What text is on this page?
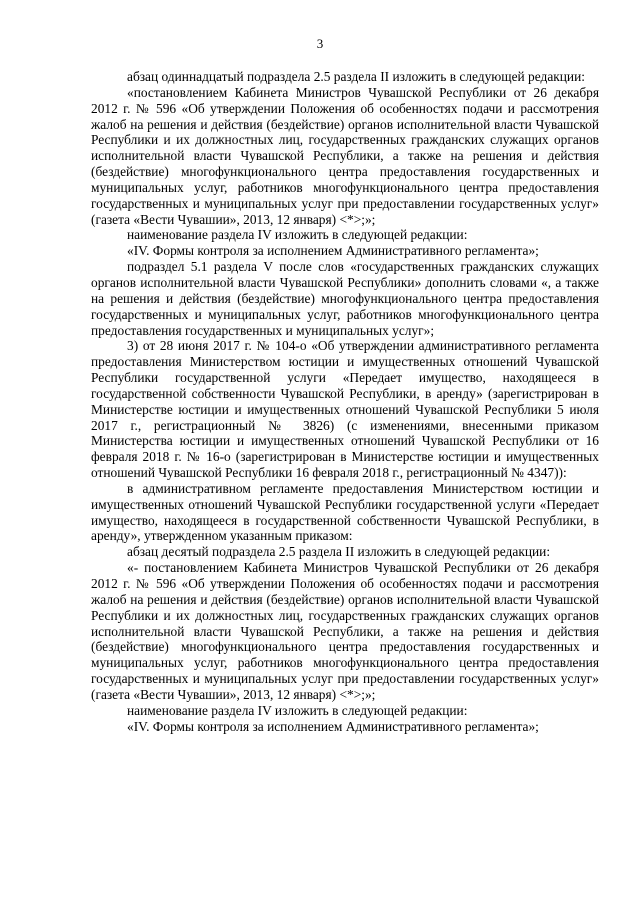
3

абзац одиннадцатый подраздела 2.5 раздела II изложить в следующей редакции:

«постановлением Кабинета Министров Чувашской Республики от 26 декабря 2012 г. № 596 «Об утверждении Положения об особенностях подачи и рассмотрения жалоб на решения и действия (бездействие) органов исполнительной власти Чувашской Республики и их должностных лиц, государственных гражданских служащих органов исполнительной власти Чувашской Республики, а также на решения и действия (бездействие) многофункционального центра предоставления государственных и муниципальных услуг, работников многофункционального центра предоставления государственных и муниципальных услуг при предоставлении государственных услуг» (газета «Вести Чувашии», 2013, 12 января) <*>;»;

наименование раздела IV изложить в следующей редакции:

«IV. Формы контроля за исполнением Административного регламента»;

подраздел 5.1 раздела V после слов «государственных гражданских служащих органов исполнительной власти Чувашской Республики» дополнить словами «, а также на решения и действия (бездействие) многофункционального центра предоставления государственных и муниципальных услуг, работников многофункционального центра предоставления государственных и муниципальных услуг»;

3) от 28 июня 2017 г. № 104-о «Об утверждении административного регламента предоставления Министерством юстиции и имущественных отношений Чувашской Республики государственной услуги «Передает имущество, находящееся в государственной собственности Чувашской Республики, в аренду» (зарегистрирован в Министерстве юстиции и имущественных отношений Чувашской Республики 5 июля 2017 г., регистрационный № 3826) (с изменениями, внесенными приказом Министерства юстиции и имущественных отношений Чувашской Республики от 16 февраля 2018 г. № 16-о (зарегистрирован в Министерстве юстиции и имущественных отношений Чувашской Республики 16 февраля 2018 г., регистрационный № 4347)):

в административном регламенте предоставления Министерством юстиции и имущественных отношений Чувашской Республики государственной услуги «Передает имущество, находящееся в государственной собственности Чувашской Республики, в аренду», утвержденном указанным приказом:

абзац десятый подраздела 2.5 раздела II изложить в следующей редакции:

«- постановлением Кабинета Министров Чувашской Республики от 26 декабря 2012 г. № 596 «Об утверждении Положения об особенностях подачи и рассмотрения жалоб на решения и действия (бездействие) органов исполнительной власти Чувашской Республики и их должностных лиц, государственных гражданских служащих органов исполнительной власти Чувашской Республики, а также на решения и действия (бездействие) многофункционального центра предоставления государственных и муниципальных услуг, работников многофункционального центра предоставления государственных и муниципальных услуг при предоставлении государственных услуг» (газета «Вести Чувашии», 2013, 12 января) <*>;»;

наименование раздела IV изложить в следующей редакции:

«IV. Формы контроля за исполнением Административного регламента»;
